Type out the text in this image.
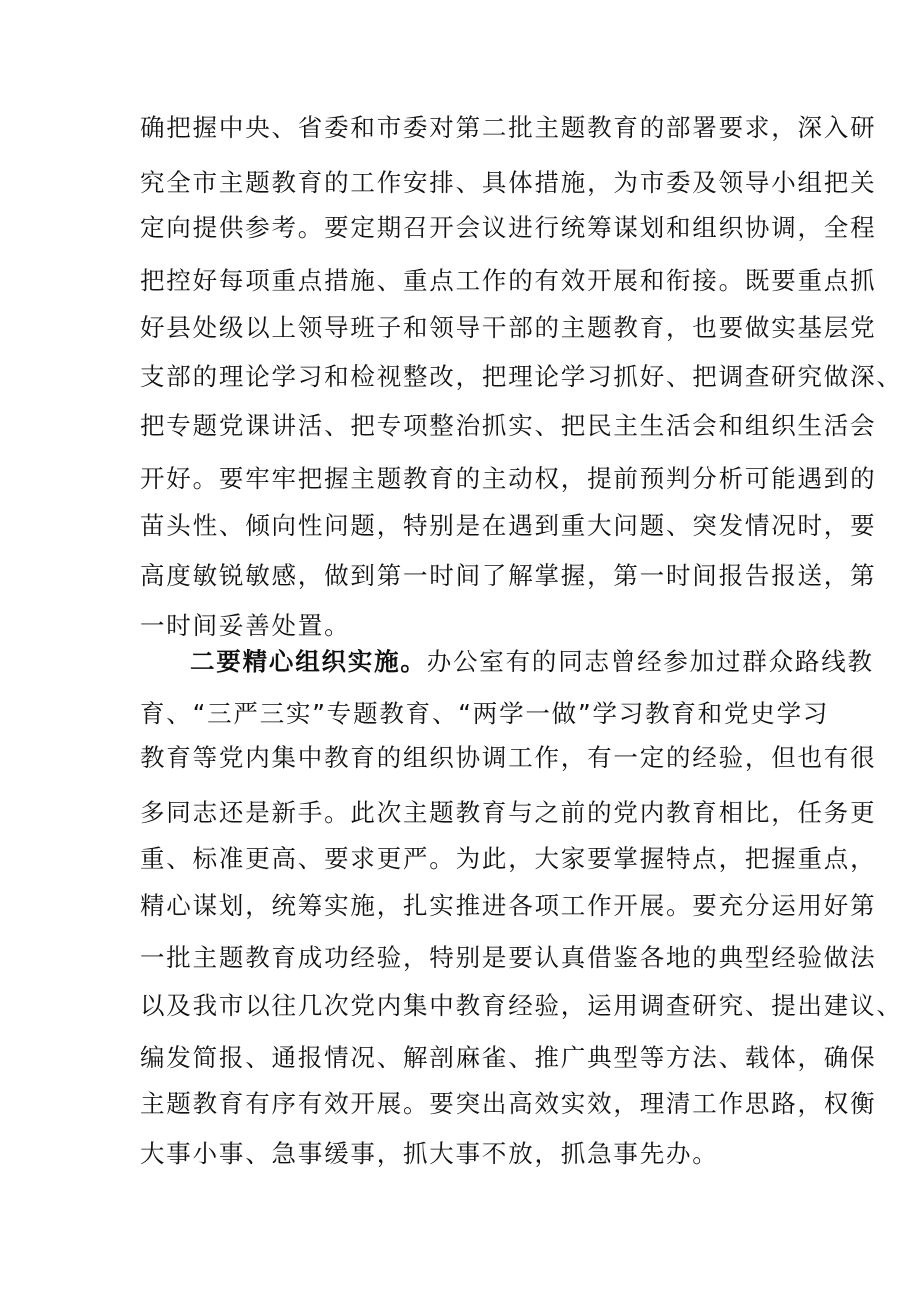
确把握中央、省委和市委对第二批主题教育的部署要求，深入研
究全市主题教育的工作安排、具体措施，为市委及领导小组把关
定向提供参考。要定期召开会议进行统筹谋划和组织协调，全程
把控好每项重点措施、重点工作的有效开展和衔接。既要重点抓
好县处级以上领导班子和领导干部的主题教育，也要做实基层党
支部的理论学习和检视整改，把理论学习抓好、把调查研究做深、
把专题党课讲活、把专项整治抓实、把民主生活会和组织生活会
开好。要牢牢把握主题教育的主动权，提前预判分析可能遇到的
苗头性、倾向性问题，特别是在遇到重大问题、突发情况时，要
高度敏锐敏感，做到第一时间了解掌握，第一时间报告报送，第
一时间妥善处置。
二要精心组织实施。办公室有的同志曾经参加过群众路线教
育、“三严三实”专题教育、“两学一做”学习教育和党史学习
教育等党内集中教育的组织协调工作，有一定的经验，但也有很
多同志还是新手。此次主题教育与之前的党内教育相比，任务更
重、标准更高、要求更严。为此，大家要掌握特点，把握重点，
精心谋划，统筹实施，扎实推进各项工作开展。要充分运用好第
一批主题教育成功经验，特别是要认真借鉴各地的典型经验做法
以及我市以往几次党内集中教育经验，运用调查研究、提出建议、
编发简报、通报情况、解剖麻雀、推广典型等方法、载体，确保
主题教育有序有效开展。要突出高效实效，理清工作思路，权衡
大事小事、急事缓事，抓大事不放，抓急事先办。
